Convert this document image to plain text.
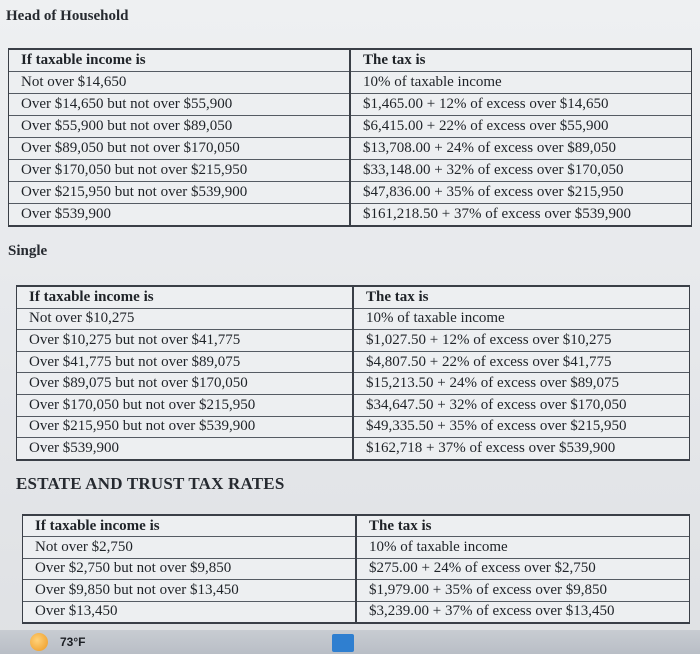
Head of Household
If taxable income is
Not over $14,650
Over $14,650 but not over $55,900
Over $55,900 but not over $89,050
Over $89,050 but not over $170,050
Over $170,050 but not over $215,950
Over $215,950 but not over $539,900
Over $539,900
The tax is
10% of taxable income
$1,465.00 + 12% of excess over $14,650
$6,415.00 + 22% of excess over $55,900
$13,708.00 + 24% of excess over $89,050
$33,148.00 + 32% of excess over $170,050
$47,836.00 + 35% of excess over $215,950
$161,218.50 + 37% of excess over $539,900
Single
If taxable income is
Not over $10,275
Over $10,275 but not over $41,775
Over $41,775 but not over $89,075
Over $89,075 but not over $170,050
Over $170,050 but not over $215,950
Over $215,950 but not over $539,900
Over $539,900
The tax is
10% of taxable income
$1,027.50 + 12% of excess over $10,275
$4,807.50 + 22% of excess over $41,775
$15,213.50 + 24% of excess over $89,075
$34,647.50 + 32% of excess over $170,050
$49,335.50 + 35% of excess over $215,950
$162,718 + 37% of excess over $539,900
ESTATE AND TRUST TAX RATES
If taxable income is
Not over $2,750
Over $2,750 but not over $9,850
Over $9,850 but not over $13,450
Over $13,450
The tax is
10% of taxable income
$275.00 + 24% of excess over $2,750
$1,979.00 + 35% of excess over $9,850
$3,239.00 + 37% of excess over $13,450
73°F
